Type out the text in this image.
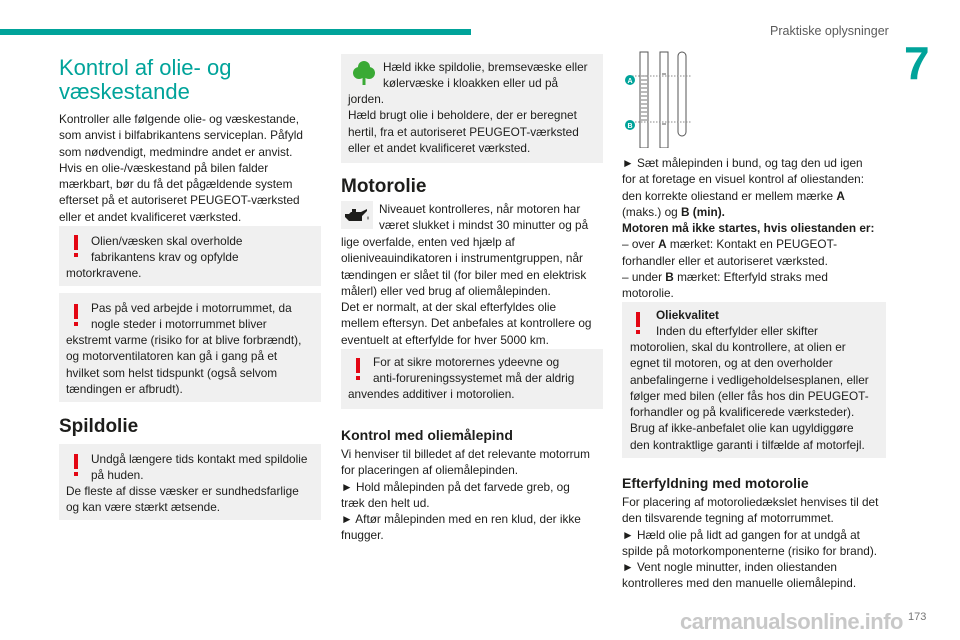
Praktiske oplysninger
7
Kontrol af olie- og
væskestande

Kontroller alle følgende olie- og væskestande,
som anvist i bilfabrikantens serviceplan. Påfyld
som nødvendigt, medmindre andet er anvist.
Hvis en olie-/væskestand på bilen falder
mærkbart, bør du få det pågældende system
efterset på et autoriseret PEUGEOT-værksted
eller et andet kvalificeret værksted.

Olien/væsken skal overholde
fabrikantens krav og opfylde
motorkravene.
Pas på ved arbejde i motorrummet, da
nogle steder i motorrummet bliver
ekstremt varme (risiko for at blive forbrændt),
og motorventilatoren kan gå i gang på et
hvilket som helst tidspunkt (også selvom
tændingen er afbrudt).
Spildolie
Undgå længere tids kontakt med spildolie
på huden.
De fleste af disse væsker er sundhedsfarlige
og kan være stærkt ætsende.
Hæld ikke spildolie, bremsevæske eller
kølervæske i kloakken eller ud på
jorden.
Hæld brugt olie i beholdere, der er beregnet
hertil, fra et autoriseret PEUGEOT-værksted
eller et andet kvalificeret værksted.
Motorolie

Niveauet kontrolleres, når motoren har
været slukket i mindst 30 minutter og på

lige overfalde, enten ved hjælp af
olieniveauindikatoren i instrumentgruppen, når
tændingen er slået til (for biler med en elektrisk
målerl) eller ved brug af oliemålepinden.
Det er normalt, at der skal efterfyldes olie
mellem eftersyn. Det anbefales at kontrollere og
eventuelt at efterfylde for hver 5000 km.

For at sikre motorernes ydeevne og
anti-forureningssystemet må der aldrig
anvendes additiver i motorolien.
Kontrol med oliemålepind

Vi henviser til billedet af det relevante motorrum
for placeringen af oliemålepinden.
► Hold målepinden på det farvede greb, og
træk den helt ud.
► Aftør målepinden med en ren klud, der ikke
fnugger.

A
B

► Sæt målepinden i bund, og tag den ud igen
for at foretage en visuel kontrol af oliestanden:
den korrekte oliestand er mellem mærke A
(maks.) og B (min).
Motoren må ikke startes, hvis oliestanden er:
– over A mærket: Kontakt en PEUGEOT-
forhandler eller et autoriseret værksted.
– under B mærket: Efterfyld straks med
motorolie.

Oliekvalitet
Inden du efterfylder eller skifter
motorolien, skal du kontrollere, at olien er
egnet til motoren, og at den overholder
anbefalingerne i vedligeholdelsesplanen, eller
følger med bilen (eller fås hos din PEUGEOT-
forhandler og på kvalificerede værksteder).
Brug af ikke-anbefalet olie kan ugyldiggøre
den kontraktlige garanti i tilfælde af motorfejl.
Efterfyldning med motorolie

For placering af motoroliedækslet henvises til det
den tilsvarende tegning af motorrummet.
► Hæld olie på lidt ad gangen for at undgå at
spilde på motorkomponenterne (risiko for brand).
► Vent nogle minutter, inden oliestanden
kontrolleres med den manuelle oliemålepind.

carmanualsonline.info 173
